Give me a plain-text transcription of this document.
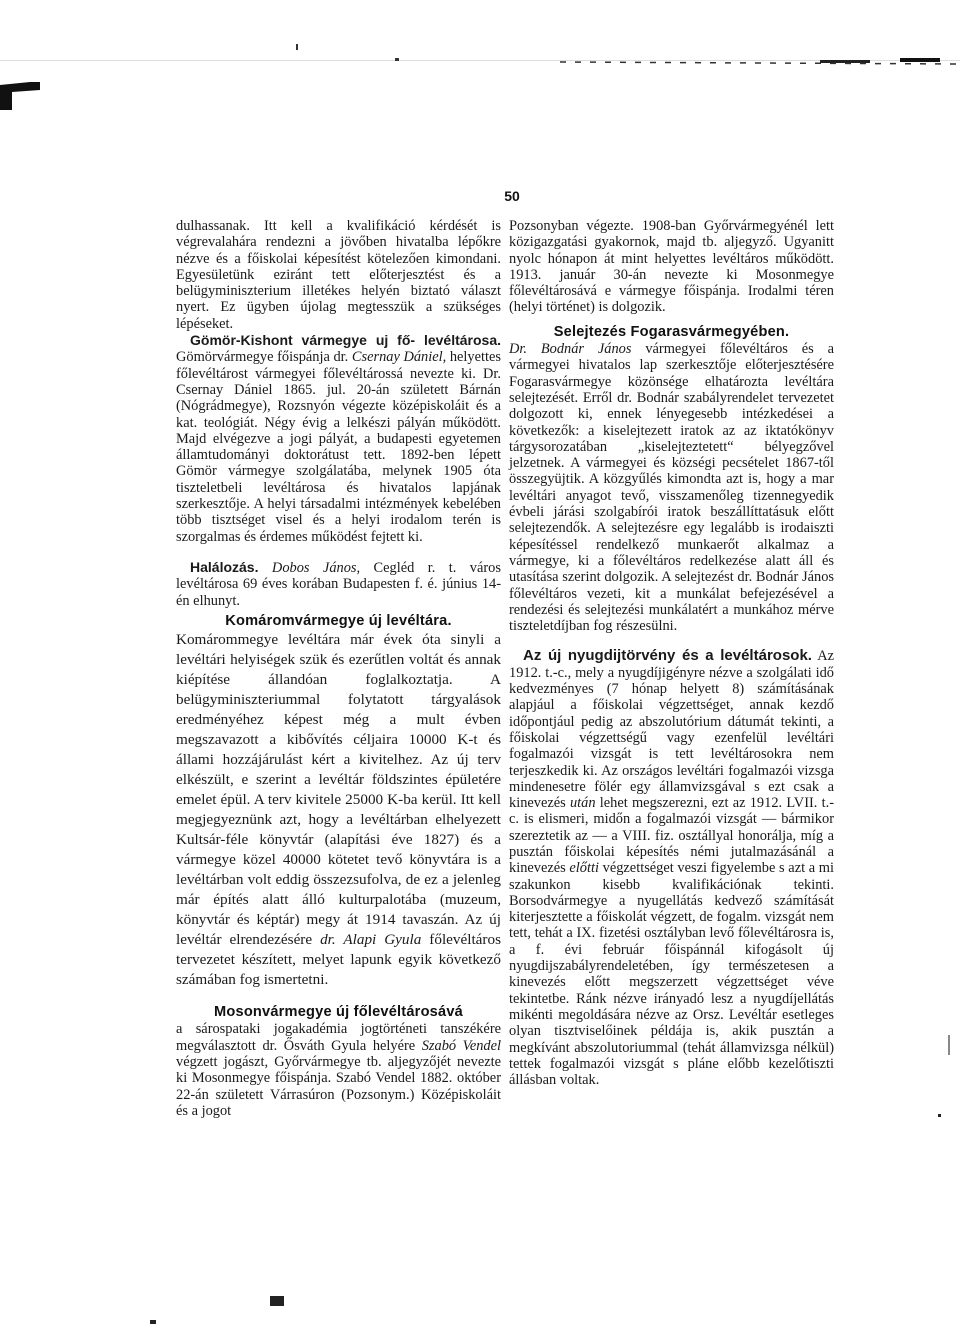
50

dulhassanak. Itt kell a kvalifikáció kérdését is végrevalahára rendezni a jövőben hivatalba lépőkre nézve és a főiskolai képesítést kötelezően kimondani. Egyesületünk eziránt tett előterjesztést és a belügyminiszterium illetékes helyén biztató választ nyert. Ez ügyben újolag megtesszük a szükséges lépéseket.

Gömör-Kishont vármegye uj fő- levéltárosa. Gömörvármegye főispánja dr. Csernay Dániel, helyettes főlevéltárost vármegyei főlevéltárossá nevezte ki. Dr. Csernay Dániel 1865. jul. 20-án született Bárnán (Nógrádmegye), Rozsnyón végezte középiskoláit és a kat. teológiát. Négy évig a lelkészi pályán működött. Majd elvégezve a jogi pályát, a budapesti egyetemen államtudományi doktorátust tett. 1892-ben lépett Gömör vármegye szolgálatába, melynek 1905 óta tiszteletbeli levéltárosa és hivatalos lapjának szerkesztője. A helyi társadalmi intézmények kebelében több tisztséget visel és a helyi irodalom terén is szorgalmas és érdemes működést fejtett ki.

Halálozás. Dobos János, Cegléd r. t. város levéltárosa 69 éves korában Budapesten f. é. június 14-én elhunyt.

Komáromvármegye új levéltára.

Komárommegye levéltára már évek óta sinyli a levéltári helyiségek szük és ezerűtlen voltát és annak kiépítése állandóan foglalkoztatja. A belügyminiszteriummal folytatott tárgyalások eredményéhez képest még a mult évben megszavazott a kibővítés céljaira 10000 K-t és állami hozzájárulást kért a kivitelhez. Az új terv elkészült, e szerint a levéltár földszintes épületére emelet épül. A terv kivitele 25000 K-ba kerül. Itt kell megjegyeznünk azt, hogy a levéltárban elhelyezett Kultsár-féle könyvtár (alapítási éve 1827) és a vármegye közel 40000 kötetet tevő könyvtára is a levéltárban volt eddig összezsufolva, de ez a jelenleg már építés alatt álló kulturpalotába (muzeum, könyvtár és képtár) megy át 1914 tavaszán. Az új levéltár elrendezésére dr. Alapi Gyula főlevéltáros tervezetet készített, melyet lapunk egyik következő számában fog ismertetni.

Mosonvármegye új főlevéltárosává

a sárospataki jogakadémia jogtörténeti tanszékére megválasztott dr. Ősváth Gyula helyére Szabó Vendel végzett jogászt, Győrvármegye tb. aljegyzőjét nevezte ki Mosonmegye főispánja. Szabó Vendel 1882. október 22-án született Várrasúron (Pozsonym.) Középiskoláit és a jogot

Pozsonyban végezte. 1908-ban Győrvármegyénél lett közigazgatási gyakornok, majd tb. aljegyző. Ugyanitt nyolc hónapon át mint helyettes levéltáros működött. 1913. január 30-án nevezte ki Mosonmegye főlevéltárosává e vármegye főispánja. Irodalmi téren (helyi történet) is dolgozik.

Selejtezés Fogarasvármegyében.

Dr. Bodnár János vármegyei főlevéltáros és a vármegyei hivatalos lap szerkesztője előterjesztésére Fogarasvármegye közönsége elhatározta levéltára selejtezését. Erről dr. Bodnár szabályrendelet tervezetet dolgozott ki, ennek lényegesebb intézkedései a következők: a kiselejtezett iratok az az iktatókönyv tárgysorozatában „kiselejteztetett“ bélyegzővel jelzetnek. A vármegyei és községi pecsételet 1867-től összegyüjtik. A közgyűlés kimondta azt is, hogy a mar levéltári anyagot tevő, visszamenőleg tizennegyedik évbeli járási szolgabírói iratok beszállíttatásuk előtt selejtezendők. A selejtezésre egy legalább is irodaiszti képesítéssel rendelkező munkaerőt alkalmaz a vármegye, ki a főlevéltáros redelkezése alatt áll és utasítása szerint dolgozik. A selejtezést dr. Bodnár János főlevéltáros vezeti, kit a munkálat befejezésével a rendezési és selejtezési munkálatért a munkához mérve tiszteletdíjban fog részesülni.

Az új nyugdijtörvény és a levéltárosok. Az 1912. t.-c., mely a nyugdíjigényre nézve a szolgálati idő kedvezményes (7 hónap helyett 8) számításának alapjául a főiskolai végzettséget, annak kezdő időpontjául pedig az abszolutórium dátumát tekinti, a főiskolai végzettségű vagy ezenfelül levéltári fogalmazói vizsgát is tett levéltárosokra nem terjeszkedik ki. Az országos levéltári fogalmazói vizsga mindenesetre fölér egy államvizsgával s ezt csak a kinevezés után lehet megszerezni, ezt az 1912. LVII. t.-c. is elismeri, midőn a fogalmazói vizsgát — bármikor szereztetik az — a VIII. fiz. osztállyal honorálja, míg a pusztán főiskolai képesítés némi jutalmazásánál a kinevezés előtti végzettséget veszi figyelembe s azt a mi szakunkon kisebb kvalifikációnak tekinti. Borsodvármegye a nyugellátás kedvező számítását kiterjesztette a főiskolát végzett, de fogalm. vizsgát nem tett, tehát a IX. fizetési osztályban levő főlevéltárosra is, a f. évi február főispánnál kifogásolt új nyugdijszabályrendeletében, így természetesen a kinevezés előtt megszerzett végzettséget véve tekintetbe. Ránk nézve irányadó lesz a nyugdíjellátás mikénti megoldására nézve az Orsz. Levéltár esetleges olyan tisztviselőinek példája is, akik pusztán a megkívánt abszolutoriummal (tehát államvizsga nélkül) tettek fogalmazói vizsgát s pláne előbb kezelőtiszti állásban voltak.
